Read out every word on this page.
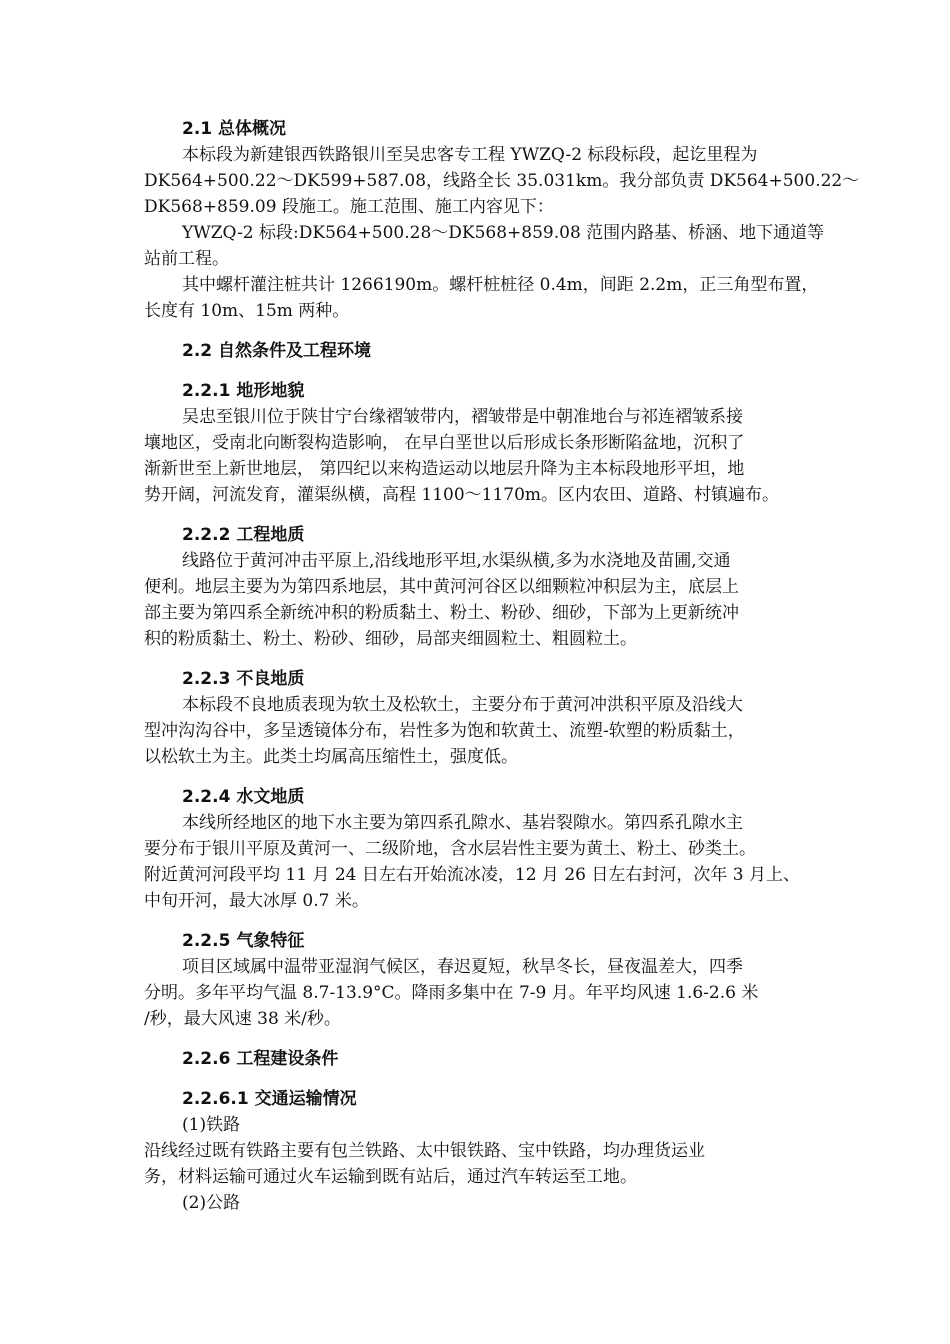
2.1 总体概况
本标段为新建银西铁路银川至吴忠客专工程 YWZQ-2 标段标段，起讫里程为
DK564+500.22～DK599+587.08，线路全长 35.031km。我分部负责 DK564+500.22～
DK568+859.09 段施工。施工范围、施工内容见下：
YWZQ-2 标段:DK564+500.28～DK568+859.08 范围内路基、桥涵、地下通道等
站前工程。
其中螺杆灌注桩共计 1266190m。螺杆桩桩径 0.4m，间距 2.2m，正三角型布置，
长度有 10m、15m 两种。
2.2 自然条件及工程环境
2.2.1 地形地貌
吴忠至银川位于陕甘宁台缘褶皱带内，褶皱带是中朝准地台与祁连褶皱系接
壤地区，受南北向断裂构造影响， 在早白垩世以后形成长条形断陷盆地，沉积了
渐新世至上新世地层， 第四纪以来构造运动以地层升降为主本标段地形平坦，地
势开阔，河流发育，灌渠纵横，高程 1100～1170m。区内农田、道路、村镇遍布。
2.2.2 工程地质
线路位于黄河冲击平原上,沿线地形平坦,水渠纵横,多为水浇地及苗圃,交通
便利。地层主要为为第四系地层，其中黄河河谷区以细颗粒冲积层为主，底层上
部主要为第四系全新统冲积的粉质黏土、粉土、粉砂、细砂，下部为上更新统冲
积的粉质黏土、粉土、粉砂、细砂，局部夹细圆粒土、粗圆粒土。
2.2.3 不良地质
本标段不良地质表现为软土及松软土，主要分布于黄河冲洪积平原及沿线大
型冲沟沟谷中，多呈透镜体分布，岩性多为饱和软黄土、流塑-软塑的粉质黏土，
以松软土为主。此类土均属高压缩性土，强度低。
2.2.4 水文地质
本线所经地区的地下水主要为第四系孔隙水、基岩裂隙水。第四系孔隙水主
要分布于银川平原及黄河一、二级阶地，含水层岩性主要为黄土、粉土、砂类土。
附近黄河河段平均 11 月 24 日左右开始流冰凌，12 月 26 日左右封河，次年 3 月上、
中旬开河，最大冰厚 0.7 米。
2.2.5 气象特征
项目区域属中温带亚湿润气候区，春迟夏短，秋旱冬长，昼夜温差大，四季
分明。多年平均气温 8.7-13.9°C。降雨多集中在 7-9 月。年平均风速 1.6-2.6 米
/秒，最大风速 38 米/秒。
2.2.6 工程建设条件
2.2.6.1 交通运输情况
(1)铁路
沿线经过既有铁路主要有包兰铁路、太中银铁路、宝中铁路，均办理货运业
务，材料运输可通过火车运输到既有站后，通过汽车转运至工地。
(2)公路
